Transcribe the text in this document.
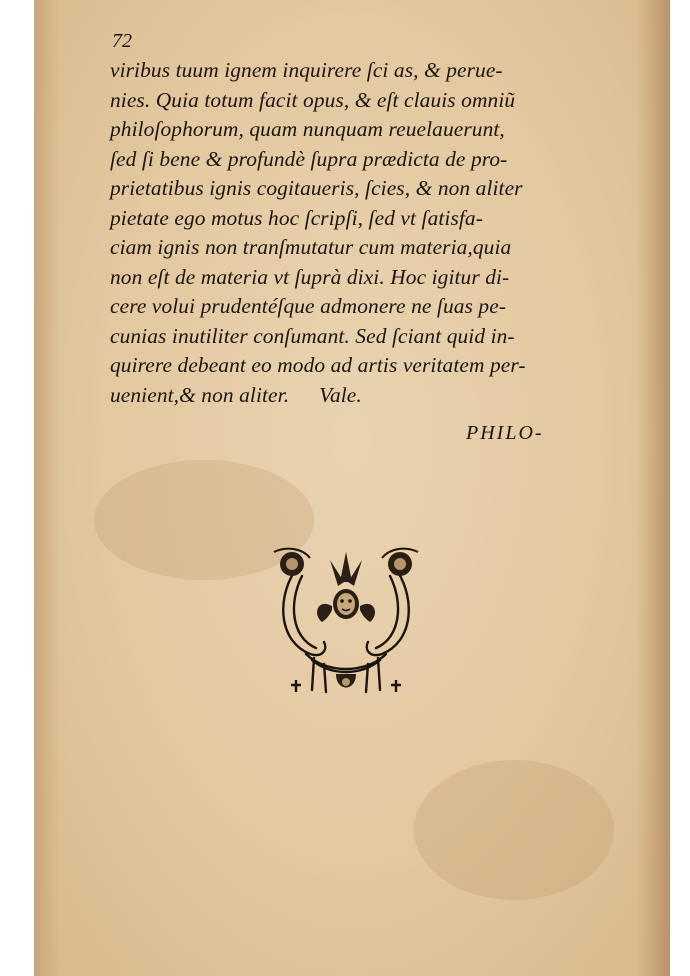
72
viribus tuum ignem inquirere ſci as, & perue-
nies. Quia totum facit opus, & eſt clauis omniũ
philoſophorum, quam nunquam reuelauerunt,
ſed ſi bene & profundè ſupra prædicta de pro-
prietatibus ignis cogitaueris, ſcies, & non aliter
pietate ego motus hoc ſcripſi, ſed vt ſatisfa-
ciam ignis non tranſmutatur cum materia,quia
non eſt de materia vt ſuprà dixi. Hoc igitur di-
cere volui prudentéſque admonere ne ſuas pe-
cunias inutiliter conſumant. Sed ſciant quid in-
quirere debeant eo modo ad artis veritatem per-
uenient,& non aliter. Vale.
PHILO-
